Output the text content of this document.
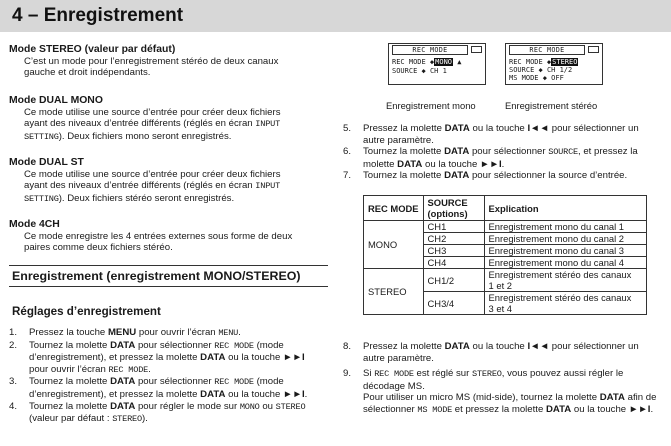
4 – Enregistrement
Mode STEREO (valeur par défaut)
C’est un mode pour l’enregistrement stéréo de deux canaux
gauche et droit indépendants.
Mode DUAL MONO
Ce mode utilise une source d’entrée pour créer deux fichiers
ayant des niveaux d’entrée différents (réglés en écran INPUT
SETTING). Deux fichiers mono seront enregistrés.
Mode DUAL ST
Ce mode utilise une source d’entrée pour créer deux fichiers
ayant des niveaux d’entrée différents (réglés en écran INPUT
SETTING). Deux fichiers stéréo seront enregistrés.
Mode 4CH
Ce mode enregistre les 4 entrées externes sous forme de deux
paires comme deux fichiers stéréo.
Enregistrement (enregistrement MONO/STEREO)
Réglages d’enregistrement
1. Pressez la touche MENU pour ouvrir l’écran MENU.
2. Tournez la molette DATA pour sélectionner REC MODE (mode d’enregistrement), et pressez la molette DATA ou la touche ►►I pour ouvrir l’écran REC MODE.
3. Tournez la molette DATA pour sélectionner REC MODE (mode d’enregistrement), et pressez la molette DATA ou la touche ►►I.
4. Tournez la molette DATA pour régler le mode sur MONO ou STEREO (valeur par défaut : STEREO).
REC MODE
REC MODE ◆MONO ▲
SOURCE ◆ CH 1
Enregistrement mono
REC MODE
REC MODE ◆STEREO
SOURCE ◆ CH 1/2
MS MODE ◆ OFF
Enregistrement stéréo
5. Pressez la molette DATA ou la touche I◄◄ pour sélectionner un autre paramètre.
6. Tournez la molette DATA pour sélectionner SOURCE, et pressez la molette DATA ou la touche ►►I.
7. Tournez la molette DATA pour sélectionner la source d’entrée.
REC MODE	SOURCE
(options)	Explication
MONO	CH1	Enregistrement mono du canal 1
	CH2	Enregistrement mono du canal 2
	CH3	Enregistrement mono du canal 3
	CH4	Enregistrement mono du canal 4
STEREO	CH1/2	Enregistrement stéréo des canaux
1 et 2
	CH3/4	Enregistrement stéréo des canaux
3 et 4
8. Pressez la molette DATA ou la touche I◄◄ pour sélectionner un autre paramètre.
9. Si REC MODE est réglé sur STEREO, vous pouvez aussi régler le décodage MS.
Pour utiliser un micro MS (mid-side), tournez la molette DATA afin de sélectionner MS MODE et pressez la molette DATA ou la touche ►►I.
